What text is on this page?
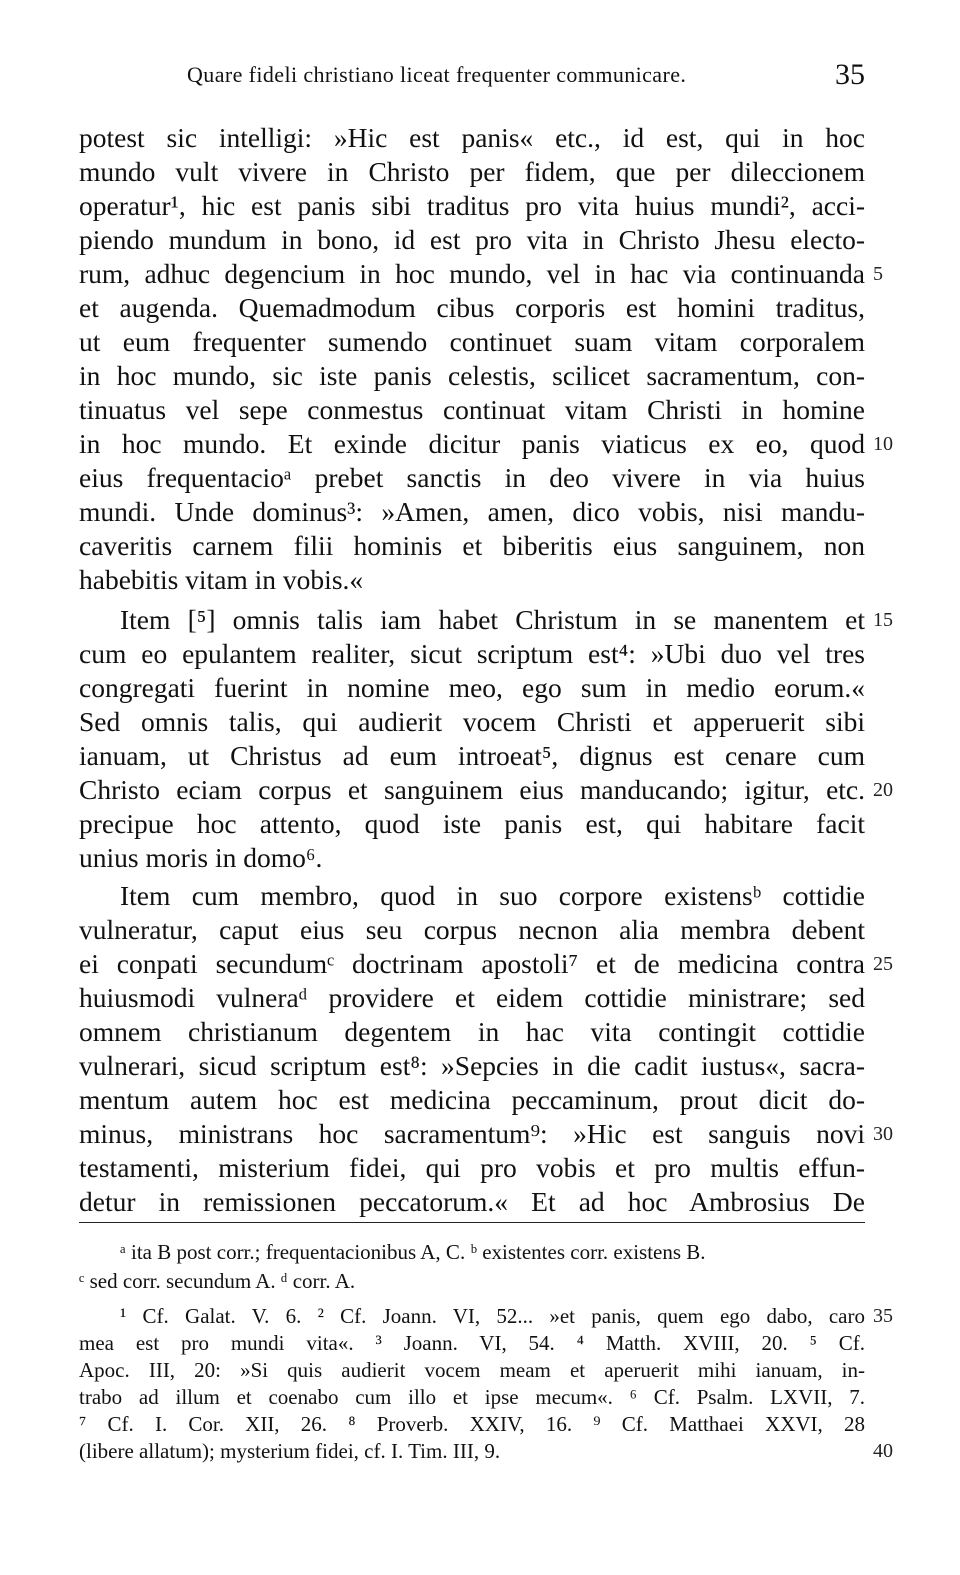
Quare fideli christiano liceat frequenter communicare.	35
potest sic intelligi: »Hic est panis« etc., id est, qui in hoc
mundo vult vivere in Christo per fidem, que per dileccionem
operatur¹, hic est panis sibi traditus pro vita huius mundi², acci-
piendo mundum in bono, id est pro vita in Christo Jhesu electo-
rum, adhuc degencium in hoc mundo, vel in hac via continuanda
et augenda. Quemadmodum cibus corporis est homini traditus,
ut eum frequenter sumendo continuet suam vitam corporalem
in hoc mundo, sic iste panis celestis, scilicet sacramentum, con-
tinuatus vel sepe conmestus continuat vitam Christi in homine
in hoc mundo. Et exinde dicitur panis viaticus ex eo, quod
eius frequentacioᵃ prebet sanctis in deo vivere in via huius
mundi. Unde dominus³: »Amen, amen, dico vobis, nisi mandu-
caveritis carnem filii hominis et biberitis eius sanguinem, non
habebitis vitam in vobis.«
Item [⁵] omnis talis iam habet Christum in se manentem et
cum eo epulantem realiter, sicut scriptum est⁴: »Ubi duo vel tres
congregati fuerint in nomine meo, ego sum in medio eorum.«
Sed omnis talis, qui audierit vocem Christi et apperuerit sibi
ianuam, ut Christus ad eum introeat⁵, dignus est cenare cum
Christo eciam corpus et sanguinem eius manducando; igitur, etc.
precipue hoc attento, quod iste panis est, qui habitare facit
unius moris in domo⁶.
Item cum membro, quod in suo corpore existensᵇ cottidie
vulneratur, caput eius seu corpus necnon alia membra debent
ei conpati secundumᶜ doctrinam apostoli⁷ et de medicina contra
huiusmodi vulneraᵈ providere et eidem cottidie ministrare; sed
omnem christianum degentem in hac vita contingit cottidie
vulnerari, sicud scriptum est⁸: »Sepcies in die cadit iustus«, sacra-
mentum autem hoc est medicina peccaminum, prout dicit do-
minus, ministrans hoc sacramentum⁹: »Hic est sanguis novi
testamenti, misterium fidei, qui pro vobis et pro multis effun-
detur in remissionen peccatorum.« Et ad hoc Ambrosius De
5
10
15
20
25
30
ᵃ ita B post corr.; frequentacionibus A, C. ᵇ existentes corr. existens B.
ᶜ sed corr. secundum A. ᵈ corr. A.
¹ Cf. Galat. V. 6. ² Cf. Joann. VI, 52... »et panis, quem ego dabo, caro
mea est pro mundi vita«. ³ Joann. VI, 54. ⁴ Matth. XVIII, 20. ⁵ Cf.
Apoc. III, 20: »Si quis audierit vocem meam et aperuerit mihi ianuam, in-
trabo ad illum et coenabo cum illo et ipse mecum«. ⁶ Cf. Psalm. LXVII, 7.
⁷ Cf. I. Cor. XII, 26. ⁸ Proverb. XXIV, 16. ⁹ Cf. Matthaei XXVI, 28
(libere allatum); mysterium fidei, cf. I. Tim. III, 9.
35
40
